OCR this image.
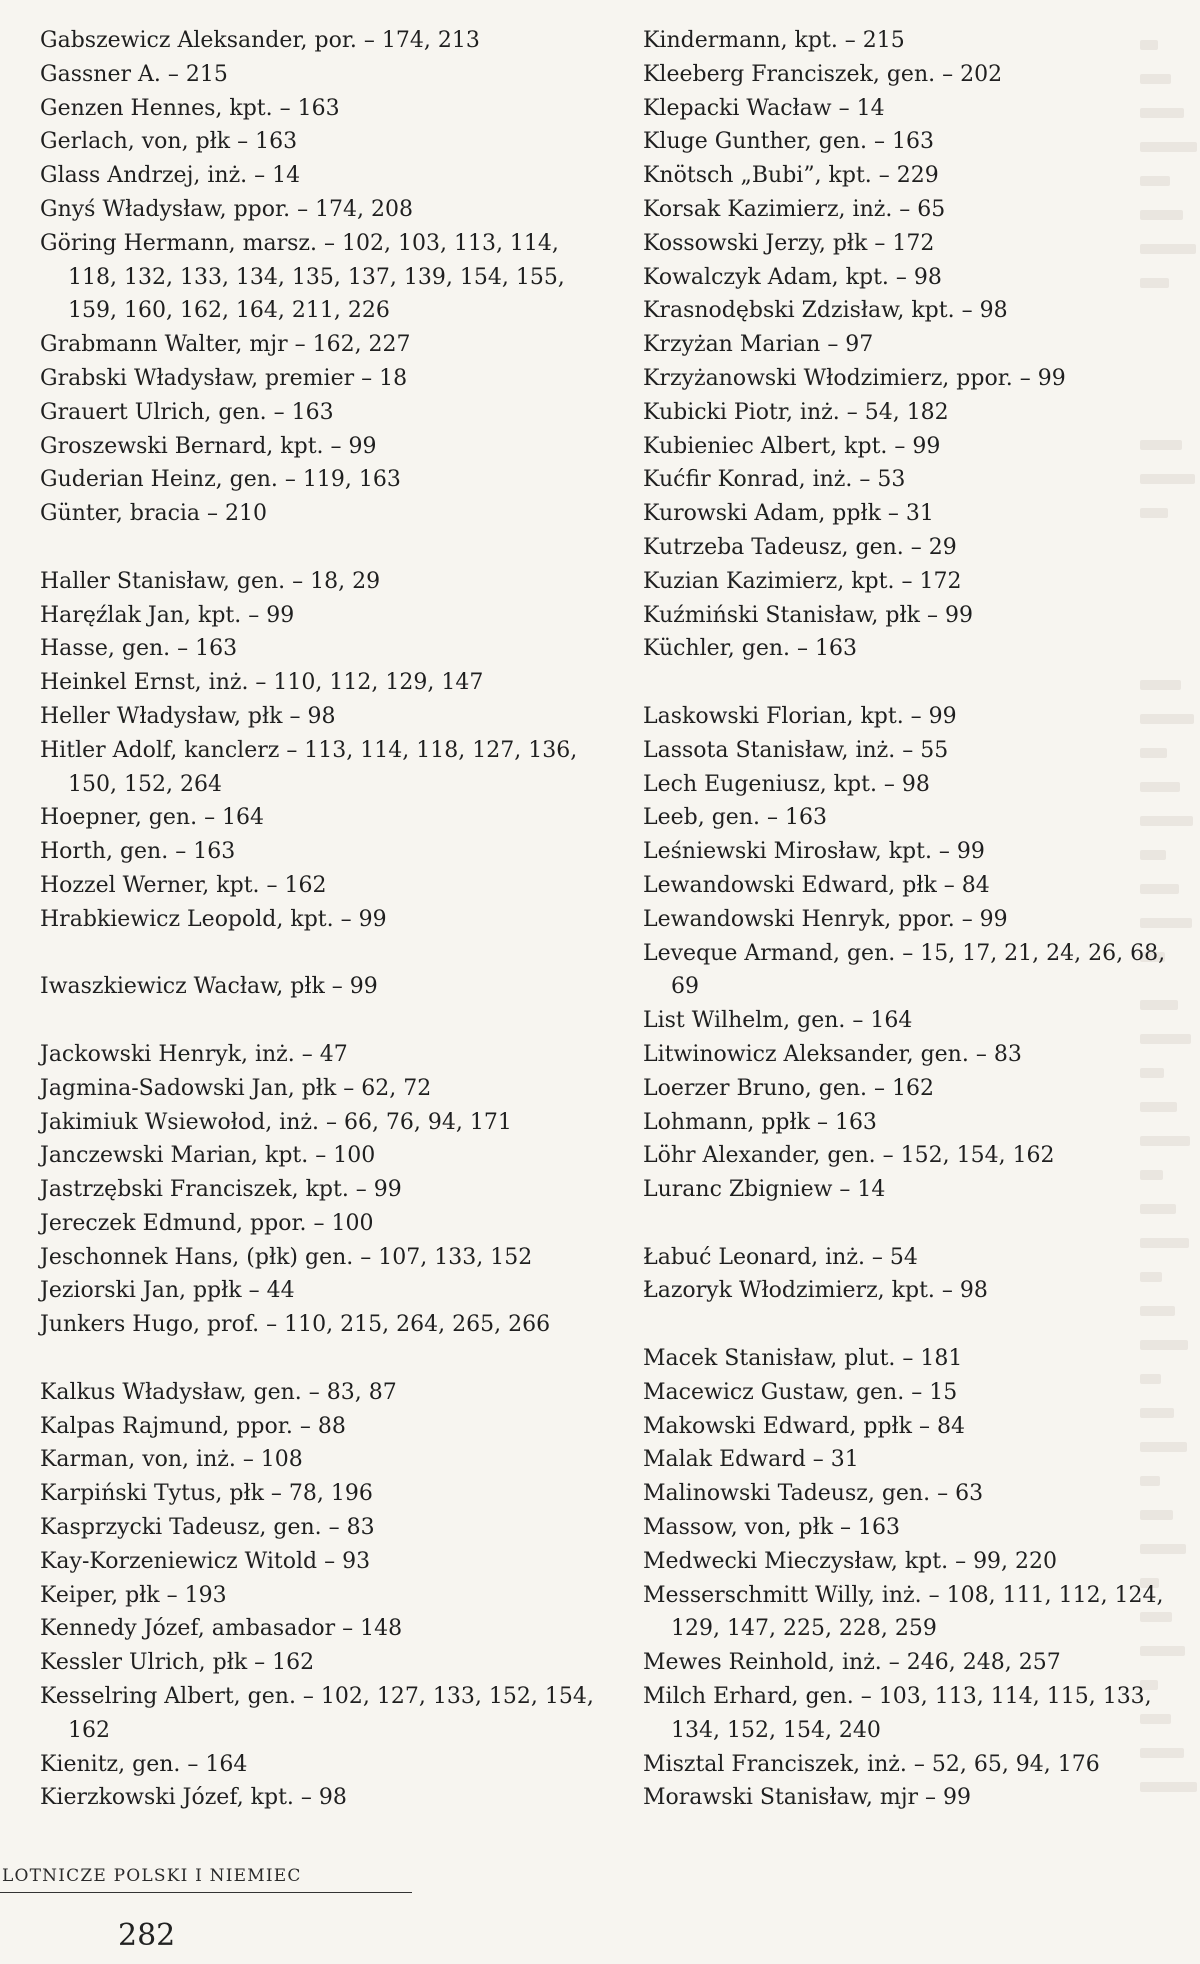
Gabszewicz Aleksander, por. – 174, 213
Gassner A. – 215
Genzen Hennes, kpt. – 163
Gerlach, von, płk – 163
Glass Andrzej, inż. – 14
Gnyś Władysław, ppor. – 174, 208
Göring Hermann, marsz. – 102, 103, 113, 114, 118, 132, 133, 134, 135, 137, 139, 154, 155, 159, 160, 162, 164, 211, 226
Grabmann Walter, mjr – 162, 227
Grabski Władysław, premier – 18
Grauert Ulrich, gen. – 163
Groszewski Bernard, kpt. – 99
Guderian Heinz, gen. – 119, 163
Günter, bracia – 210
Haller Stanisław, gen. – 18, 29
Haręźlak Jan, kpt. – 99
Hasse, gen. – 163
Heinkel Ernst, inż. – 110, 112, 129, 147
Heller Władysław, płk – 98
Hitler Adolf, kanclerz – 113, 114, 118, 127, 136, 150, 152, 264
Hoepner, gen. – 164
Horth, gen. – 163
Hozzel Werner, kpt. – 162
Hrabkiewicz Leopold, kpt. – 99
Iwaszkiewicz Wacław, płk – 99
Jackowski Henryk, inż. – 47
Jagmina-Sadowski Jan, płk – 62, 72
Jakimiuk Wsiewołod, inż. – 66, 76, 94, 171
Janczewski Marian, kpt. – 100
Jastrzębski Franciszek, kpt. – 99
Jereczek Edmund, ppor. – 100
Jeschonnek Hans, (płk) gen. – 107, 133, 152
Jeziorski Jan, ppłk – 44
Junkers Hugo, prof. – 110, 215, 264, 265, 266
Kalkus Władysław, gen. – 83, 87
Kalpas Rajmund, ppor. – 88
Karman, von, inż. – 108
Karpiński Tytus, płk – 78, 196
Kasprzycki Tadeusz, gen. – 83
Kay-Korzeniewicz Witold – 93
Keiper, płk – 193
Kennedy Józef, ambasador – 148
Kessler Ulrich, płk – 162
Kesselring Albert, gen. – 102, 127, 133, 152, 154, 162
Kienitz, gen. – 164
Kierzkowski Józef, kpt. – 98
Kindermann, kpt. – 215
Kleeberg Franciszek, gen. – 202
Klepacki Wacław – 14
Kluge Gunther, gen. – 163
Knötsch „Bubi”, kpt. – 229
Korsak Kazimierz, inż. – 65
Kossowski Jerzy, płk – 172
Kowalczyk Adam, kpt. – 98
Krasnodębski Zdzisław, kpt. – 98
Krzyżan Marian – 97
Krzyżanowski Włodzimierz, ppor. – 99
Kubicki Piotr, inż. – 54, 182
Kubieniec Albert, kpt. – 99
Kućfir Konrad, inż. – 53
Kurowski Adam, ppłk – 31
Kutrzeba Tadeusz, gen. – 29
Kuzian Kazimierz, kpt. – 172
Kuźmiński Stanisław, płk – 99
Küchler, gen. – 163
Laskowski Florian, kpt. – 99
Lassota Stanisław, inż. – 55
Lech Eugeniusz, kpt. – 98
Leeb, gen. – 163
Leśniewski Mirosław, kpt. – 99
Lewandowski Edward, płk – 84
Lewandowski Henryk, ppor. – 99
Leveque Armand, gen. – 15, 17, 21, 24, 26, 68, 69
List Wilhelm, gen. – 164
Litwinowicz Aleksander, gen. – 83
Loerzer Bruno, gen. – 162
Lohmann, ppłk – 163
Löhr Alexander, gen. – 152, 154, 162
Luranc Zbigniew – 14
Łabuć Leonard, inż. – 54
Łazoryk Włodzimierz, kpt. – 98
Macek Stanisław, plut. – 181
Macewicz Gustaw, gen. – 15
Makowski Edward, ppłk – 84
Malak Edward – 31
Malinowski Tadeusz, gen. – 63
Massow, von, płk – 163
Medwecki Mieczysław, kpt. – 99, 220
Messerschmitt Willy, inż. – 108, 111, 112, 124, 129, 147, 225, 228, 259
Mewes Reinhold, inż. – 246, 248, 257
Milch Erhard, gen. – 103, 113, 114, 115, 133, 134, 152, 154, 240
Misztal Franciszek, inż. – 52, 65, 94, 176
Morawski Stanisław, mjr – 99
LOTNICZE POLSKI I NIEMIEC
282
